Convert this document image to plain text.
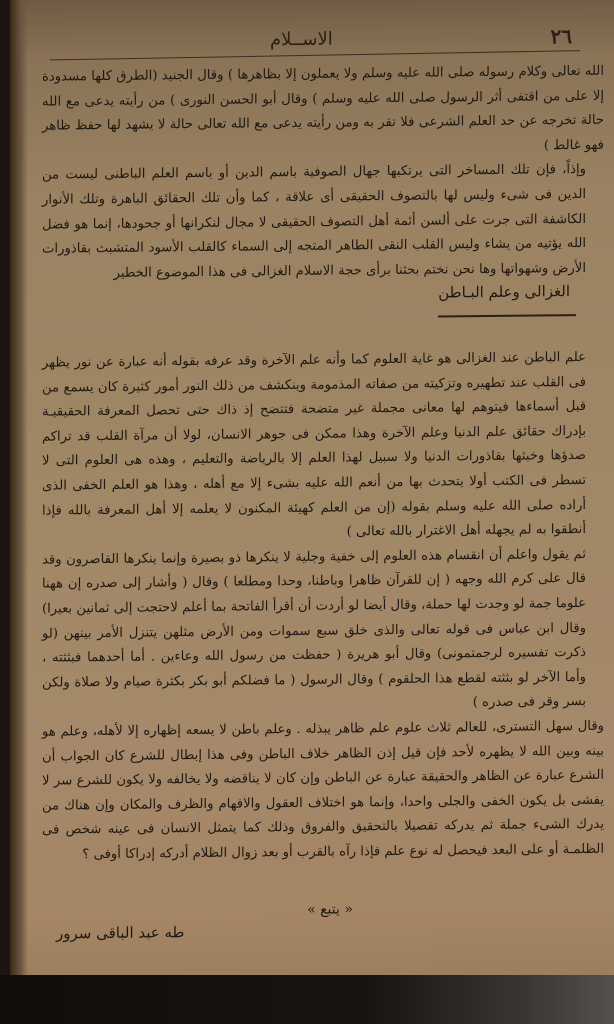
الاســلام	٢٦

الله تعالى وكلام رسوله صلى الله عليه وسلم ولا يعملون إلا بظاهرها ) وقال الجنيد (الطرق كلها مسدودة إلا على من اقتفى أثر الرسول صلى الله عليه وسلم ) وقال أبو الحسن النورى ) من رأيته يدعى مع الله حالة تخرجه عن حد العلم الشرعى فلا تقر به ومن رأيته يدعى مع الله تعالى حالة لا يشهد لها حفظ ظاهر فهو غالط )

وإذاً، فإن تلك المساخر التى يرتكبها جهال الصوفية باسم الدين أو باسم العلم الباطنى ليست من الدين فى شىء وليس لها بالتصوف الحقيقى أى علاقة ، كما وأن تلك الحقائق الباهرة وتلك الأنوار الكاشفة التى جرت على ألسن أئمة أهل التصوف الحقيقى لا مجال لنكرانها أو جحودها، إنما هو فضل الله يؤتيه من يشاء وليس القلب النقى الطاهر المتجه إلى السماء كالقلب الأسود المتشبث بقاذورات الأرض وشهواتها وها نحن نختم بحثنا برأى حجة الاسلام الغزالى فى هذا الموضوع الخطير

الغزالى وعلم البـاطن

علم الباطن عند الغزالى هو غاية العلوم كما وأنه علم الآخرة وقد عرفه بقوله أنه عبارة عن نور يظهر فى القلب عند تطهيره وتزكيته من صفاته المذمومة وينكشف من ذلك النور أمور كثيرة كان يسمع من قبل أسماءها فيتوهم لها معانى مجملة غير متضحة فتتضح إذ ذاك حتى تحصل المعرفة الحقيقيـة بإدراك حقائق علم الدنيا وعلم الآخرة وهذا ممكن فى جوهر الانسان، لولا أن مرآة القلب قد تراكم صدؤها وخبثها بقاذورات الدنيا ولا سبيل لهذا العلم إلا بالرياضة والتعليم ، وهذه هى العلوم التى لا تسطر فى الكتب أولا يتحدث بها من أنعم الله عليه بشىء إلا مع أهله ، وهذا هو العلم الخفى الذى أراده صلى الله عليه وسلم بقوله (إن من العلم كهيئة المكنون لا يعلمه إلا أهل المعرفة بالله فإذا أنطقوا به لم يجهله أهل الاغترار بالله تعالى )

ثم يقول واعلم أن انقسام هذه العلوم إلى خفية وجلية لا ينكرها ذو بصيرة وإنما ينكرها القاصرون وقد قال على كرم الله وجهه ( إن للقرآن ظاهرا وباطنا، وحدا ومطلعا ) وقال ( وأشار إلى صدره إن ههنا علوما جمة لو وجدت لها حملة، وقال أيضا لو أردت أن أقرأ الفاتحة بما أعلم لاحتجت إلى ثمانين بعيرا) وقال ابن عباس فى قوله تعالى والذى خلق سبع سموات ومن الأرض مثلهن يتنزل الأمر بينهن (لو ذكرت تفسيره لرجمتمونى) وقال أبو هريرة ( حفظت من رسول الله وعاءين . أما أحدهما فبثثته ، وأما الآخر لو بثثته لقطع هذا الحلقوم ) وقال الرسول ( ما فضلكم أبو بكر بكثرة صيام ولا صلاة ولكن بسر وقر فى صدره )

وقال سهل التسترى، للعالم ثلاث علوم علم ظاهر يبذله . وعلم باطن لا يسعه إظهاره إلا لأهله، وعلم هو بينه وبين الله لا يظهره لأحد فإن قيل إذن الظاهر خلاف الباطن وفى هذا إبطال للشرع كان الجواب أن الشرع عبارة عن الظاهر والحقيقة عبارة عن الباطن وإن كان لا يناقضه ولا يخالفه ولا يكون للشرع سر لا يفشى بل يكون الخفى والجلى واحدا، وإنما هو اختلاف العقول والافهام والظرف والمكان وإن هناك من يدرك الشىء جملة ثم يدركه تفصيلا بالتحقيق والفروق وذلك كما يتمثل الانسان فى عينه شخص فى الظلمـة أو على البعد فيحصل له نوع علم فإذا رآه بالقرب أو بعد زوال الظلام أدركه إدراكا أوفى ؟

« يتبع »
طه عبد الباقى سرور
